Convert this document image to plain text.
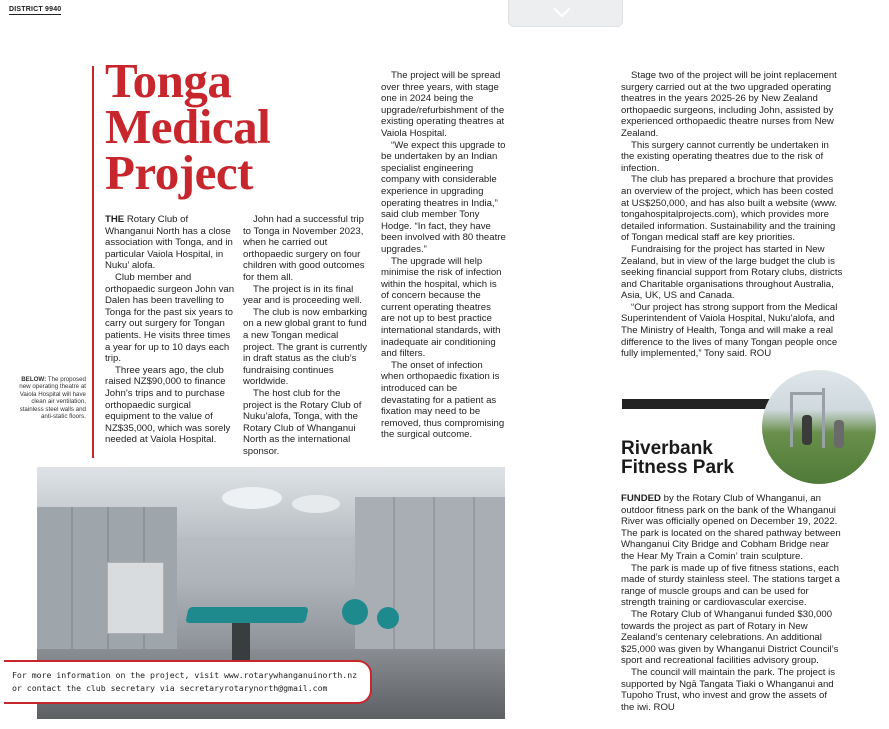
DISTRICT 9940
Tonga
Medical
Project

THE Rotary Club of Whanganui North has a close association with Tonga, and in particular Vaiola Hospital, in Nuku’ alofa.

Club member and orthopaedic surgeon John van Dalen has been travelling to Tonga for the past six years to carry out surgery for Tongan patients. He visits three times a year for up to 10 days each trip.

Three years ago, the club raised NZ$90,000 to finance John’s trips and to purchase orthopaedic surgical equipment to the value of NZ$35,000, which was sorely needed at Vaiola Hospital.

John had a successful trip to Tonga in November 2023, when he carried out orthopaedic surgery on four children with good outcomes for them all.

The project is in its final year and is proceeding well.

The club is now embarking on a new global grant to fund a new Tongan medical project. The grant is currently in draft status as the club’s fundraising continues worldwide.

The host club for the project is the Rotary Club of Nuku’alofa, Tonga, with the Rotary Club of Whanganui North as the international sponsor.

The project will be spread over three years, with stage one in 2024 being the upgrade/refurbishment of the existing operating theatres at Vaiola Hospital.

“We expect this upgrade to be undertaken by an Indian specialist engineering company with considerable experience in upgrading operating theatres in India,” said club member Tony Hodge. “In fact, they have been involved with 80 theatre upgrades.”

The upgrade will help minimise the risk of infection within the hospital, which is of concern because the current operating theatres are not up to best practice international standards, with inadequate air conditioning and filters.

The onset of infection when orthopaedic fixation is introduced can be devastating for a patient as fixation may need to be removed, thus compromising the surgical outcome.

Stage two of the project will be joint replacement surgery carried out at the two upgraded operating theatres in the years 2025-26 by New Zealand orthopaedic surgeons, including John, assisted by experienced orthopaedic theatre nurses from New Zealand.

This surgery cannot currently be undertaken in the existing operating theatres due to the risk of infection.

The club has prepared a brochure that provides an overview of the project, which has been costed at US$250,000, and has also built a website (www. tongahospitalprojects.com), which provides more detailed information. Sustainability and the training of Tongan medical staff are key priorities.

Fundraising for the project has started in New Zealand, but in view of the large budget the club is seeking financial support from Rotary clubs, districts and Charitable organisations throughout Australia, Asia, UK, US and Canada.

“Our project has strong support from the Medical Superintendent of Vaiola Hospital, Nuku’alofa, and The Ministry of Health, Tonga and will make a real difference to the lives of many Tongan people once fully implemented,” Tony said. ROU

BELOW: The proposed new operating theatre at Vaiola Hospital will have clean air ventilation, stainless steel walls and anti-static floors.
For more information on the project, visit www.rotarywhanganuinorth.nz
or contact the club secretary via secretaryrotarynorth@gmail.com
Riverbank
Fitness Park

FUNDED by the Rotary Club of Whanganui, an outdoor fitness park on the bank of the Whanganui River was officially opened on December 19, 2022. The park is located on the shared pathway between Whanganui City Bridge and Cobham Bridge near the Hear My Train a Comin’ train sculpture.

The park is made up of five fitness stations, each made of sturdy stainless steel. The stations target a range of muscle groups and can be used for strength training or cardiovascular exercise.

The Rotary Club of Whanganui funded $30,000 towards the project as part of Rotary in New Zealand’s centenary celebrations. An additional $25,000 was given by Whanganui District Council’s sport and recreational facilities advisory group.

The council will maintain the park. The project is supported by Ngā Tangata Tiaki o Whanganui and Tupoho Trust, who invest and grow the assets of the iwi. ROU
